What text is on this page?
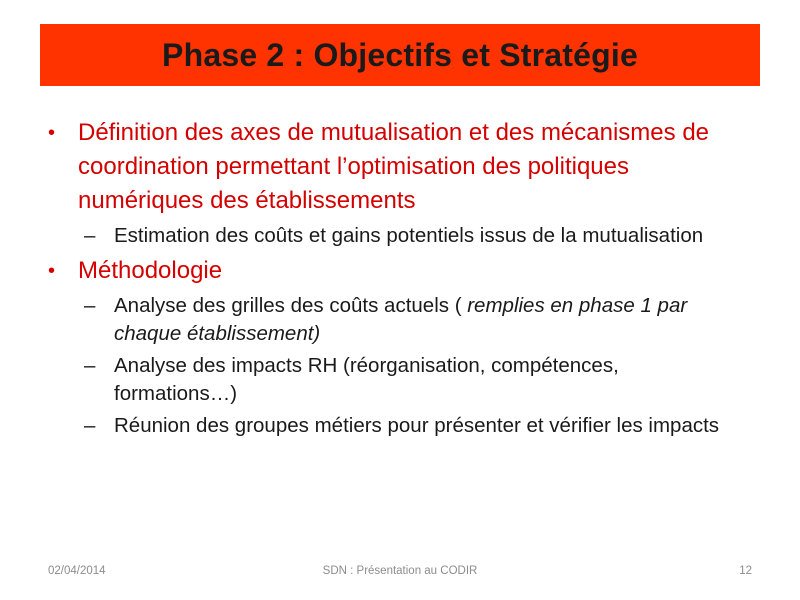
Phase 2 : Objectifs et Stratégie
• Définition des axes de mutualisation et des mécanismes de coordination permettant l’optimisation des politiques numériques des établissements
– Estimation des coûts et gains potentiels issus de la mutualisation
• Méthodologie
– Analyse des grilles des coûts actuels ( remplies en phase 1 par chaque établissement)
– Analyse des impacts RH (réorganisation, compétences, formations…)
– Réunion des groupes métiers pour présenter et vérifier les impacts
02/04/2014	SDN : Présentation au CODIR	12
